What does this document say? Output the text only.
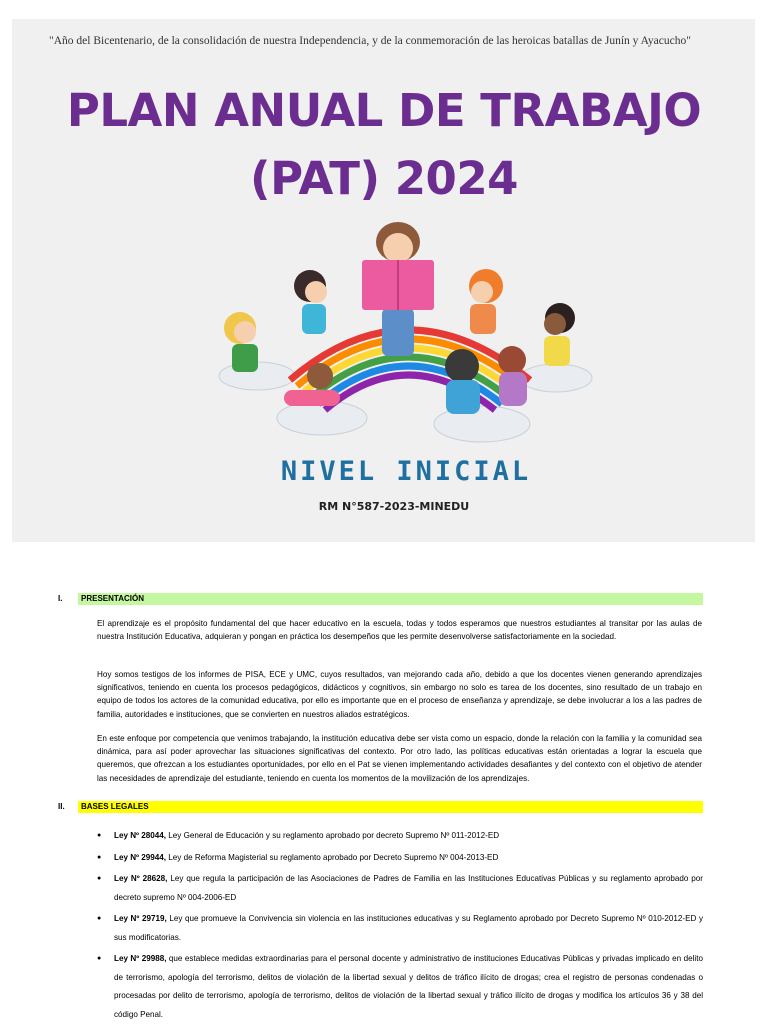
"Año del Bicentenario, de la consolidación de nuestra Independencia, y de la conmemoración de las heroicas batallas de Junín y Ayacucho"
PLAN ANUAL DE TRABAJO
(PAT) 2024
NIVEL INICIAL
RM N°587-2023-MINEDU
I.	PRESENTACIÓN
El aprendizaje es el propósito fundamental del que hacer educativo en la escuela, todas y todos esperamos que nuestros estudiantes al transitar por las aulas de nuestra Institución Educativa, adquieran y pongan en práctica los desempeños que les permite desenvolverse satisfactoriamente en la sociedad.
Hoy somos testigos de los informes de PISA, ECE y UMC, cuyos resultados, van mejorando cada año, debido a que los docentes vienen generando aprendizajes significativos, teniendo en cuenta los procesos pedagógicos, didácticos y cognitivos, sin embargo no solo es tarea de los docentes, sino resultado de un trabajo en equipo de todos los actores de la comunidad educativa, por ello es importante que en el proceso de enseñanza y aprendizaje, se debe involucrar a los a las padres de familia, autoridades e instituciones, que se convierten en nuestros aliados estratégicos.
En este enfoque por competencia que venimos trabajando, la institución educativa debe ser vista como un espacio, donde la relación con la familia y la comunidad sea dinámica, para así poder aprovechar las situaciones significativas del contexto. Por otro lado, las políticas educativas están orientadas a lograr la escuela que queremos, que ofrezcan a los estudiantes oportunidades, por ello en el Pat se vienen implementando actividades desafiantes y del contexto con el objetivo de atender las necesidades de aprendizaje del estudiante, teniendo en cuenta los momentos de la movilización de los aprendizajes.
II.	BASES LEGALES
● Ley Nº 28044, Ley General de Educación y su reglamento aprobado por decreto Supremo Nº 011-2012-ED
● Ley Nº 29944, Ley de Reforma Magisterial su reglamento aprobado por Decreto Supremo Nº 004-2013-ED
● Ley Nº 28628, Ley que regula la participación de las Asociaciones de Padres de Familia en las Instituciones Educativas Públicas y su reglamento aprobado por decreto supremo Nº 004-2006-ED
● Ley Nº 29719, Ley que promueve la Convivencia sin violencia en las instituciones educativas y su Reglamento aprobado por Decreto Supremo Nº 010-2012-ED y sus modificatorias.
● Ley Nº 29988, que establece medidas extraordinarias para el personal docente y administrativo de instituciones Educativas Públicas y privadas implicado en delito de terrorismo, apología del terrorismo, delitos de violación de la libertad sexual y delitos de tráfico ilícito de drogas; crea el registro de personas condenadas o procesadas por delito de terrorismo, apología de terrorismo, delitos de violación de la libertad sexual y tráfico ilícito de drogas y modifica los artículos 36 y 38 del código Penal.
